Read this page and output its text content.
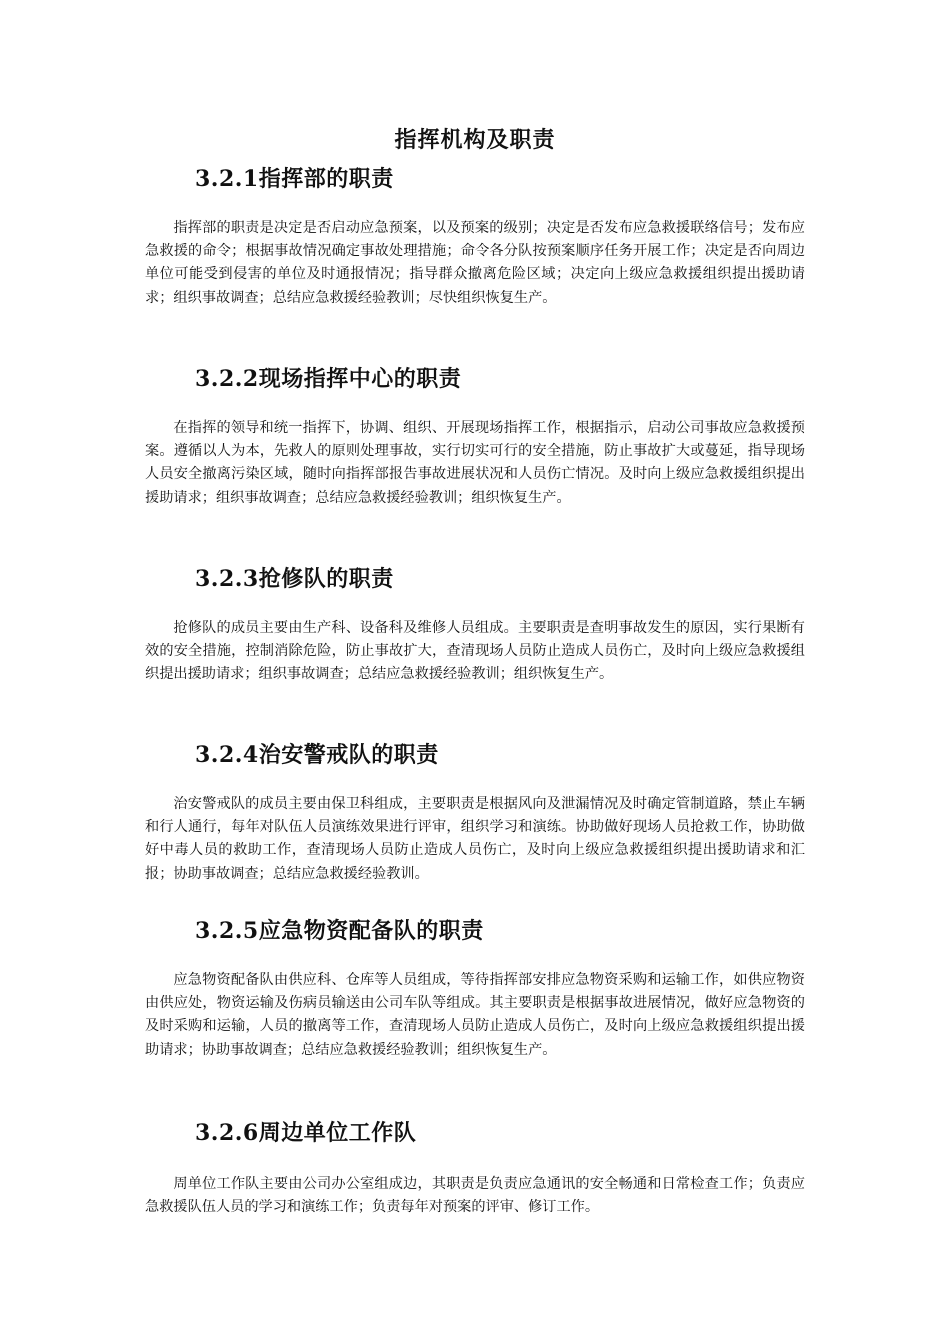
指挥机构及职责
3.2.1指挥部的职责

指挥部的职责是决定是否启动应急预案，以及预案的级别；决定是否发布应急救援联络信号；发布应急救援的命令；根据事故情况确定事故处理措施；命令各分队按预案顺序任务开展工作；决定是否向周边单位可能受到侵害的单位及时通报情况；指导群众撤离危险区域；决定向上级应急救援组织提出援助请求；组织事故调查；总结应急救援经验教训；尽快组织恢复生产。

3.2.2现场指挥中心的职责

在指挥的领导和统一指挥下，协调、组织、开展现场指挥工作，根据指示，启动公司事故应急救援预案。遵循以人为本，先救人的原则处理事故，实行切实可行的安全措施，防止事故扩大或蔓延，指导现场人员安全撤离污染区域，随时向指挥部报告事故进展状况和人员伤亡情况。及时向上级应急救援组织提出援助请求；组织事故调查；总结应急救援经验教训；组织恢复生产。

3.2.3抢修队的职责

抢修队的成员主要由生产科、设备科及维修人员组成。主要职责是查明事故发生的原因，实行果断有效的安全措施，控制消除危险，防止事故扩大，查清现场人员防止造成人员伤亡，及时向上级应急救援组织提出援助请求；组织事故调查；总结应急救援经验教训；组织恢复生产。

3.2.4治安警戒队的职责

治安警戒队的成员主要由保卫科组成，主要职责是根据风向及泄漏情况及时确定管制道路，禁止车辆和行人通行，每年对队伍人员演练效果进行评审，组织学习和演练。协助做好现场人员抢救工作，协助做好中毒人员的救助工作，查清现场人员防止造成人员伤亡，及时向上级应急救援组织提出援助请求和汇报；协助事故调查；总结应急救援经验教训。

3.2.5应急物资配备队的职责

应急物资配备队由供应科、仓库等人员组成，等待指挥部安排应急物资采购和运输工作，如供应物资由供应处，物资运输及伤病员输送由公司车队等组成。其主要职责是根据事故进展情况，做好应急物资的及时采购和运输，人员的撤离等工作，查清现场人员防止造成人员伤亡，及时向上级应急救援组织提出援助请求；协助事故调查；总结应急救援经验教训；组织恢复生产。

3.2.6周边单位工作队

周单位工作队主要由公司办公室组成边，其职责是负责应急通讯的安全畅通和日常检查工作；负责应急救援队伍人员的学习和演练工作；负责每年对预案的评审、修订工作。
